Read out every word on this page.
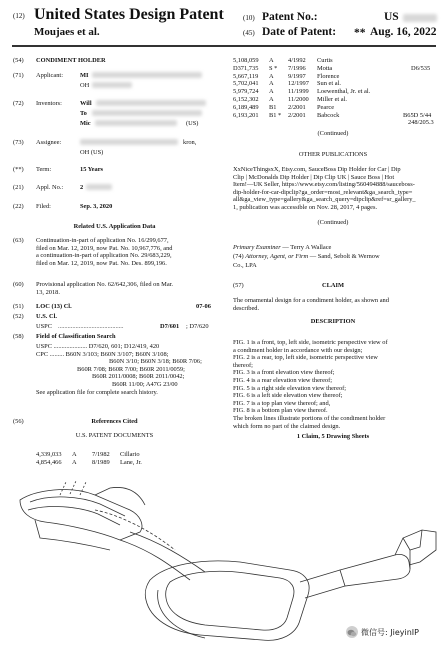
(12) United States Design Patent
Moujaes et al.
(10) Patent No.:	US
(45) Date of Patent: ** Aug. 16, 2022
(54) CONDIMENT HOLDER
(71) Applicant:	MI
OH
(72) Inventors:	Will
To
Mic	(US)
(73) Assignee:	kron,
OH (US)
(**) Term:	15 Years
(21) Appl. No.:	2
(22) Filed:	Sep. 3, 2020
Related U.S. Application Data
(63) Continuation-in-part of application No. 16/299,677,
filed on Mar. 12, 2019, now Pat. No. 10,967,776, and
a continuation-in-part of application No. 29/683,229,
filed on Mar. 12, 2019, now Pat. No. Des. 899,196.
(60) Provisional application No. 62/642,306, filed on Mar.
13, 2018.
(51) LOC (13) Cl.	07-06
(52) U.S. Cl.
USPC .........................................	D7/601 ; D7/620
(58) Field of Classification Search
USPC ..................... D7/620, 601; D12/419, 420
CPC ......... B60N 3/103; B60N 3/107; B60N 3/108;
B60N 3/10; B60N 3/18; B60R 7/06;
B60R 7/08; B60R 7/00; B60R 2011/0059;
B60R 2011/0008; B60R 2011/0042;
B60R 11/00; A47G 23/00
See application file for complete search history.
(56)	References Cited
U.S. PATENT DOCUMENTS
4,339,033 A 7/1982 Cillario
4,854,466 A 8/1989 Lane, Jr.
5,108,059 A 4/1992 Curtis
D371,735 S * 7/1996 Motta	D6/535
5,667,119 A 9/1997 Florence
5,702,041 A 12/1997 Sun et al.
5,979,724 A 11/1999 Loewenthal, Jr. et al.
6,152,302 A 11/2000 Miller et al.
6,189,489 B1 2/2001 Pearce
6,193,201 B1 * 2/2001 Babcock	B65D 5/44
248/205.3
(Continued)
OTHER PUBLICATIONS
XxNiceThingsxX, Etsy.com, SauceBoss Dip Holder for Car | Dip
Clip | McDonalds Dip Holder | Dip Clip UK | Sauce Boss | Hot
Item!—UK Seller, https://www.etsy.com/listing/560494888/sauceboss-
dip-holder-for-car-dipclip?ga_order=most_relevant&ga_search_type=
all&ga_view_type=gallery&ga_search_query=dipclip&ref=sr_gallery_
1, publication was accessible on Nov. 28, 2017, 4 pages.
(Continued)
Primary Examiner — Terry A Wallace
(74) Attorney, Agent, or Firm — Sand, Sebolt & Wernow
Co., LPA
(57)	CLAIM
The ornamental design for a condiment holder, as shown and
described.
DESCRIPTION
FIG. 1 is a front, top, left side, isometric perspective view of
a condiment holder in accordance with our design;
FIG. 2 is a rear, top, left side, isometric perspective view
thereof;
FIG. 3 is a front elevation view thereof;
FIG. 4 is a rear elevation view thereof;
FIG. 5 is a right side elevation view thereof;
FIG. 6 is a left side elevation view thereof;
FIG. 7 is a top plan view thereof; and,
FIG. 8 is a bottom plan view thereof.
The broken lines illustrate portions of the condiment holder
which form no part of the claimed design.
1 Claim, 5 Drawing Sheets
微信号: JieyinIP
